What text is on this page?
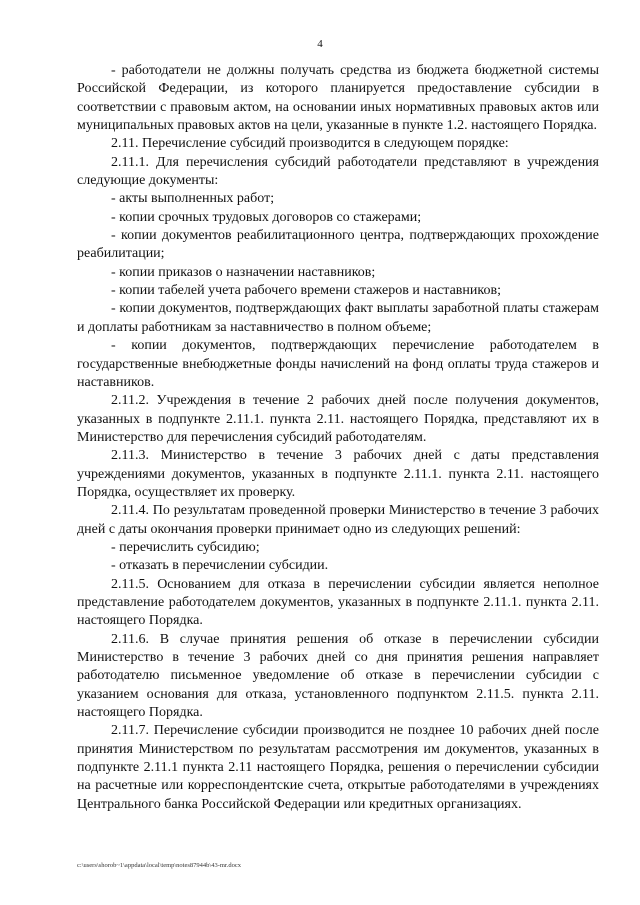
4

- работодатели не должны получать средства из бюджета бюджетной системы Российской Федерации, из которого планируется предоставление субсидии в соответствии с правовым актом, на основании иных нормативных правовых актов или муниципальных правовых актов на цели, указанные в пункте 1.2. настоящего Порядка.

2.11. Перечисление субсидий производится в следующем порядке:

2.11.1. Для перечисления субсидий работодатели представляют в учреждения следующие документы:

- акты выполненных работ;

- копии срочных трудовых договоров со стажерами;

- копии документов реабилитационного центра, подтверждающих прохождение реабилитации;

- копии приказов о назначении наставников;

- копии табелей учета рабочего времени стажеров и наставников;

- копии документов, подтверждающих факт выплаты заработной платы стажерам и доплаты работникам за наставничество в полном объеме;

- копии документов, подтверждающих перечисление работодателем в государственные внебюджетные фонды начислений на фонд оплаты труда стажеров и наставников.

2.11.2. Учреждения в течение 2 рабочих дней после получения документов, указанных в подпункте 2.11.1. пункта 2.11. настоящего Порядка, представляют их в Министерство для перечисления субсидий работодателям.

2.11.3. Министерство в течение 3 рабочих дней с даты представления учреждениями документов, указанных в подпункте 2.11.1. пункта 2.11. настоящего Порядка, осуществляет их проверку.

2.11.4. По результатам проведенной проверки Министерство в течение 3 рабочих дней с даты окончания проверки принимает одно из следующих решений:

- перечислить субсидию;

- отказать в перечислении субсидии.

2.11.5. Основанием для отказа в перечислении субсидии является неполное представление работодателем документов, указанных в подпункте 2.11.1. пункта 2.11. настоящего Порядка.

2.11.6. В случае принятия решения об отказе в перечислении субсидии Министерство в течение 3 рабочих дней со дня принятия решения направляет работодателю письменное уведомление об отказе в перечислении субсидии с указанием основания для отказа, установленного подпунктом 2.11.5. пункта 2.11. настоящего Порядка.

2.11.7. Перечисление субсидии производится не позднее 10 рабочих дней после принятия Министерством по результатам рассмотрения им документов, указанных в подпункте 2.11.1 пункта 2.11 настоящего Порядка, решения о перечислении субсидии на расчетные или корреспондентские счета, открытые работодателями в учреждениях Центрального банка Российской Федерации или кредитных организациях.

c:\users\shorob~1\appdata\local\temp\notes87944b\43-mr.docx
